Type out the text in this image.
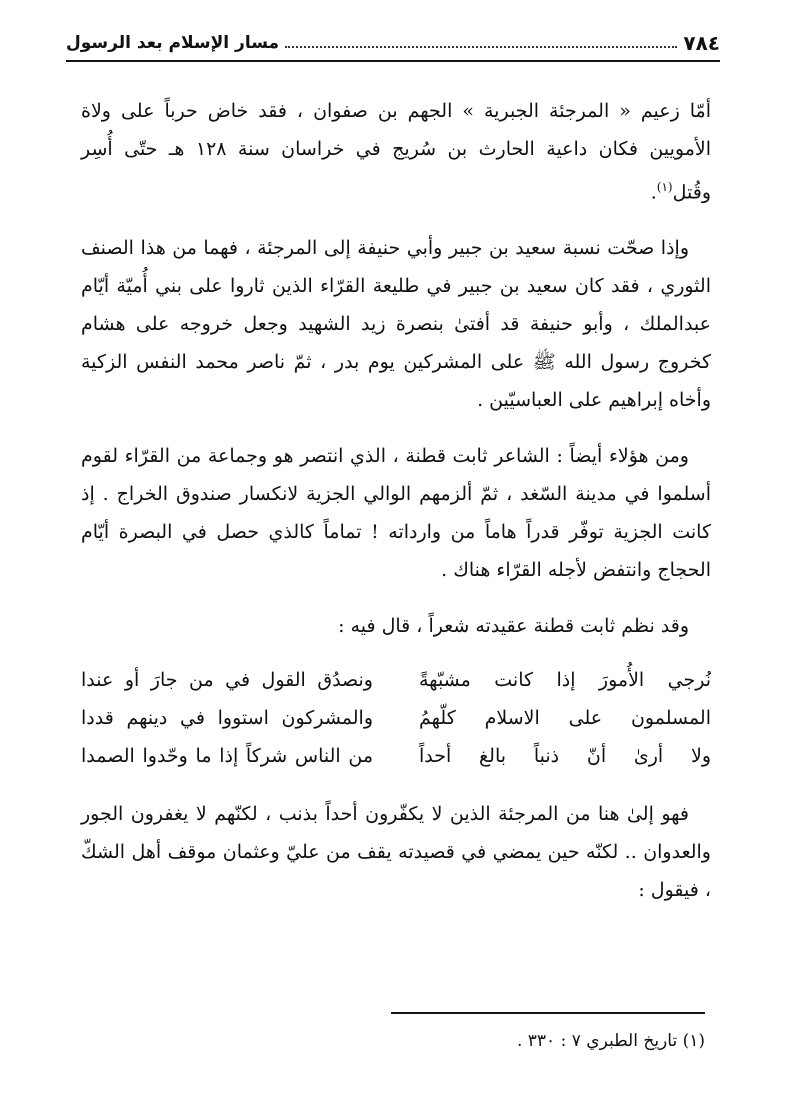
٧٨٤
مسار الإسلام بعد الرسول

أمّا زعيم « المرجئة الجبرية » الجهم بن صفوان ، فقد خاض حرباً على ولاة الأمويين فكان داعية الحارث بن سُريج في خراسان سنة ١٢٨ هـ حتّى أُسِر وقُتل$^{(١)}$.

وإذا صحّت نسبة سعيد بن جبير وأبي حنيفة إلى المرجئة ، فهما من هذا الصنف الثوري ، فقد كان سعيد بن جبير في طليعة القرّاء الذين ثاروا على بني أُميّة أيّام عبدالملك ، وأبو حنيفة قد أفتىٰ بنصرة زيد الشهيد وجعل خروجه على هشام كخروج رسول الله ﷺ على المشركين يوم بدر ، ثمّ ناصر محمد النفس الزكية وأخاه إبراهيم على العباسيّين .

ومن هؤلاء أيضاً : الشاعر ثابت قطنة ، الذي انتصر هو وجماعة من القرّاء لقوم أسلموا في مدينة السّغد ، ثمّ ألزمهم الوالي الجزية لانكسار صندوق الخراج . إذ كانت الجزية توفّر قدراً هاماً من وارداته ! تماماً كالذي حصل في البصرة أيّام الحجاج وانتفض لأجله القرّاء هناك .

وقد نظم ثابت قطنة عقيدته شعراً ، قال فيه :

نُرجي الأُمورَ إذا كانت مشبّهةً
ونصدُق القول في من جارَ أو عندا
المسلمون على الاسلام كلّهمُ
والمشركون استووا في دينهم قددا
ولا أرىٰ أنّ ذنباً بالغ أحداً
من الناس شركاً إذا ما وحّدوا الصمدا

فهو إلىٰ هنا من المرجئة الذين لا يكفّرون أحداً بذنب ، لكنّهم لا يغفرون الجور والعدوان .. لكنّه حين يمضي في قصيدته يقف من عليّ وعثمان موقف أهل الشكّ ، فيقول :

(١) تاريخ الطبري ٧ : ٣٣٠ .
